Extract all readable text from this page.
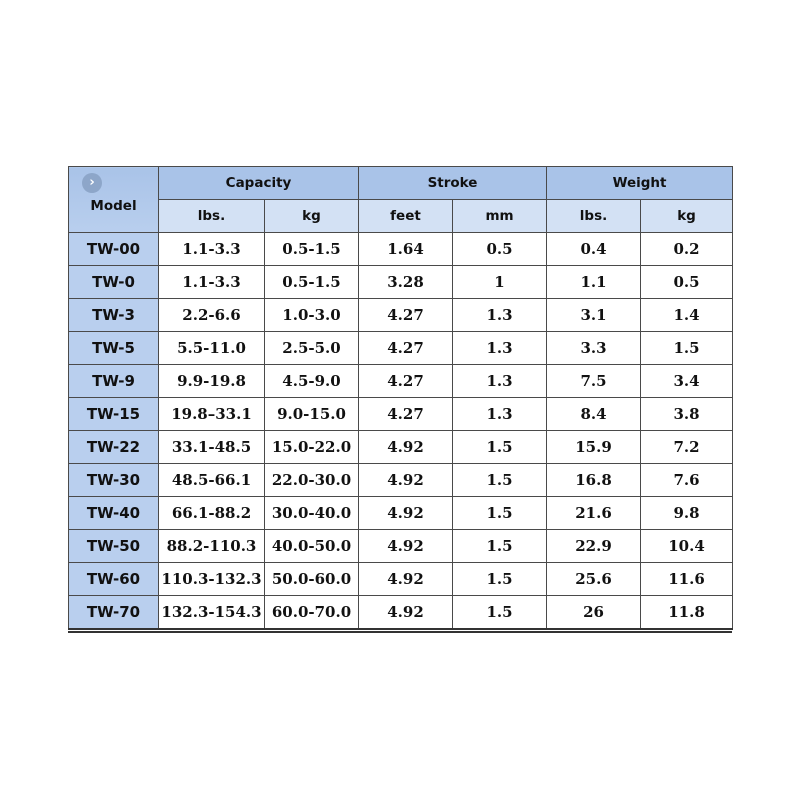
›
Model	Capacity		Stroke		Weight	
	lbs.	kg	feet	mm	lbs.	kg
TW-00	1.1-3.3	0.5-1.5	1.64	0.5	0.4	0.2
TW-0	1.1-3.3	0.5-1.5	3.28	1	1.1	0.5
TW-3	2.2-6.6	1.0-3.0	4.27	1.3	3.1	1.4
TW-5	5.5-11.0	2.5-5.0	4.27	1.3	3.3	1.5
TW-9	9.9-19.8	4.5-9.0	4.27	1.3	7.5	3.4
TW-15	19.8–33.1	9.0-15.0	4.27	1.3	8.4	3.8
TW-22	33.1-48.5	15.0-22.0	4.92	1.5	15.9	7.2
TW-30	48.5-66.1	22.0-30.0	4.92	1.5	16.8	7.6
TW-40	66.1-88.2	30.0-40.0	4.92	1.5	21.6	9.8
TW-50	88.2-110.3	40.0-50.0	4.92	1.5	22.9	10.4
TW-60	110.3-132.3	50.0-60.0	4.92	1.5	25.6	11.6
TW-70	132.3-154.3	60.0-70.0	4.92	1.5	26	11.8
